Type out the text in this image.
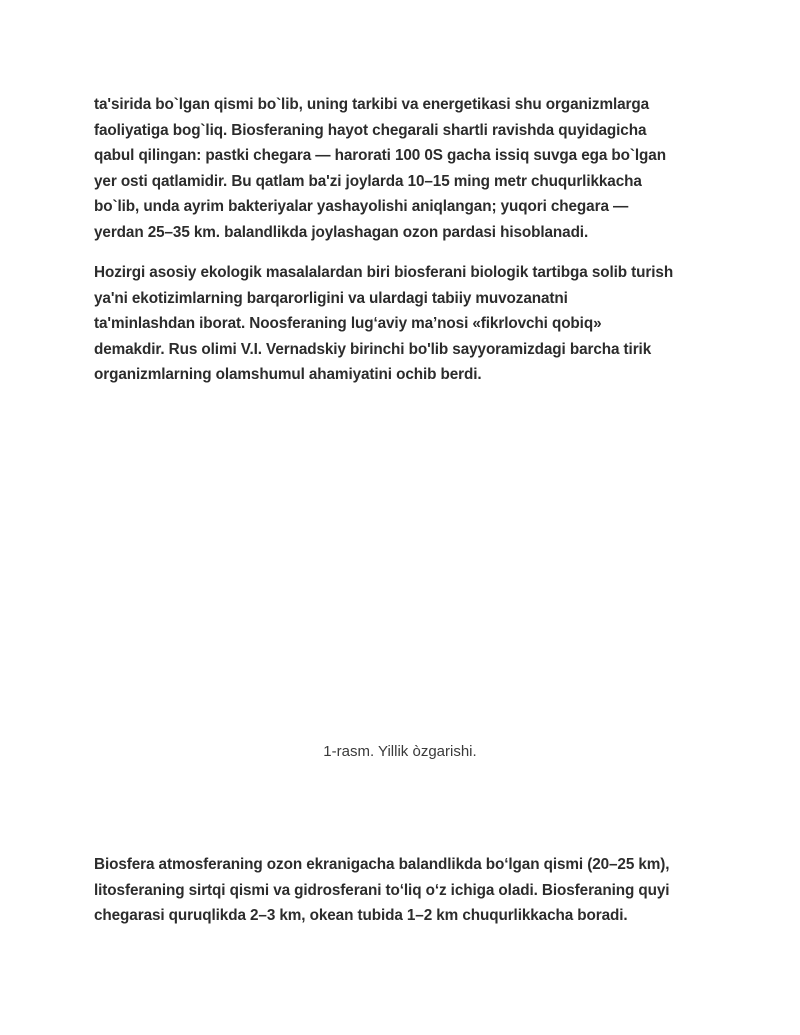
ta'sirida bo`lgan qismi bo`lib, uning tarkibi va energetikasi shu organizmlarga
faoliyatiga bog`liq. Biosferaning hayot chegarali shartli ravishda quyidagicha
qabul qilingan: pastki chegara — harorati 100 0S gacha issiq suvga ega bo`lgan
yer osti qatlamidir. Bu qatlam ba'zi joylarda 10–15 ming metr chuqurlikkacha
bo`lib, unda ayrim bakteriyalar yashayolishi aniqlangan; yuqori chegara —
yerdan 25–35 km. balandlikda joylashagan ozon pardasi hisoblanadi.

Hozirgi asosiy ekologik masalalardan biri biosferani biologik tartibga solib turish
ya'ni ekotizimlarning barqarorligini va ulardagi tabiiy muvozanatni
ta'minlashdan iborat. Noosferaning lugʻaviy maʼnosi «fikrlovchi qobiq»
demakdir. Rus olimi V.I. Vernadskiy birinchi bo'lib sayyoramizdagi barcha tirik
organizmlarning olamshumul ahamiyatini ochib berdi.

1-rasm. Yillik òzgarishi.

Biosfera atmosferaning ozon ekranigacha balandlikda boʻlgan qismi (20–25 km),
litosferaning sirtqi qismi va gidrosferani toʻliq oʻz ichiga oladi. Biosferaning quyi
chegarasi quruqlikda 2–3 km, okean tubida 1–2 km chuqurlikkacha boradi.
